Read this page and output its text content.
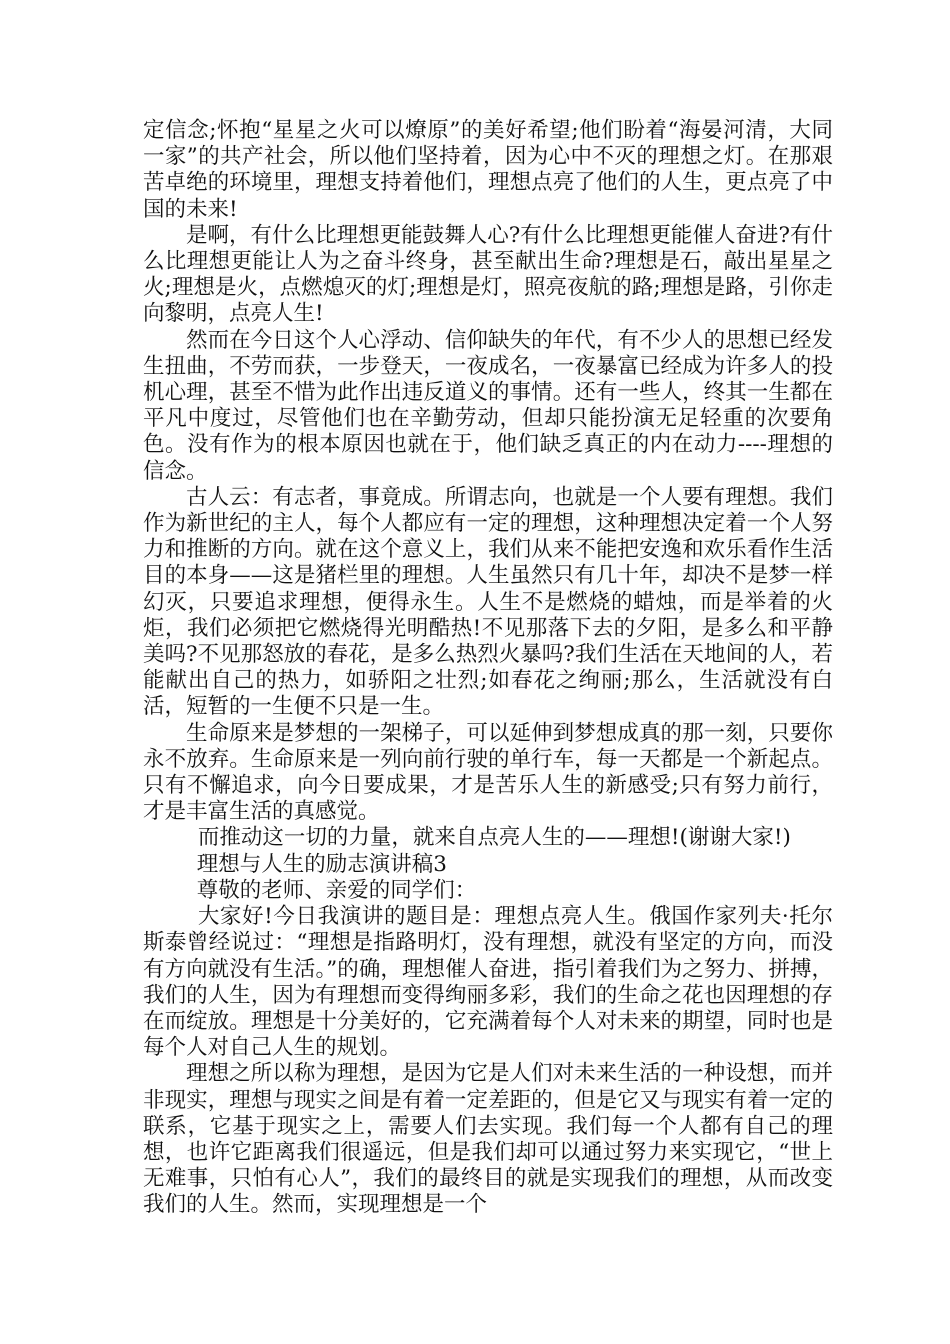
定信念;怀抱“星星之火可以燎原”的美好希望;他们盼着“海晏河清，大同一家”的共产社会，所以他们坚持着，因为心中不灭的理想之灯。在那艰苦卓绝的环境里，理想支持着他们，理想点亮了他们的人生，更点亮了中国的未来!

是啊，有什么比理想更能鼓舞人心?有什么比理想更能催人奋进?有什么比理想更能让人为之奋斗终身，甚至献出生命?理想是石，敲出星星之火;理想是火，点燃熄灭的灯;理想是灯，照亮夜航的路;理想是路，引你走向黎明，点亮人生!

然而在今日这个人心浮动、信仰缺失的年代，有不少人的思想已经发生扭曲，不劳而获，一步登天，一夜成名，一夜暴富已经成为许多人的投机心理，甚至不惜为此作出违反道义的事情。还有一些人，终其一生都在平凡中度过，尽管他们也在辛勤劳动，但却只能扮演无足轻重的次要角色。没有作为的根本原因也就在于，他们缺乏真正的内在动力----理想的信念。

古人云：有志者，事竟成。所谓志向，也就是一个人要有理想。我们作为新世纪的主人，每个人都应有一定的理想，这种理想决定着一个人努力和推断的方向。就在这个意义上，我们从来不能把安逸和欢乐看作生活目的本身——这是猪栏里的理想。人生虽然只有几十年，却决不是梦一样幻灭，只要追求理想，便得永生。人生不是燃烧的蜡烛，而是举着的火炬，我们必须把它燃烧得光明酷热!不见那落下去的夕阳，是多么和平静美吗?不见那怒放的春花，是多么热烈火暴吗?我们生活在天地间的人，若能献出自己的热力，如骄阳之壮烈;如春花之绚丽;那么，生活就没有白活，短暂的一生便不只是一生。

生命原来是梦想的一架梯子，可以延伸到梦想成真的那一刻，只要你永不放弃。生命原来是一列向前行驶的单行车，每一天都是一个新起点。只有不懈追求，向今日要成果，才是苦乐人生的新感受;只有努力前行，才是丰富生活的真感觉。

而推动这一切的力量，就来自点亮人生的——理想!(谢谢大家!)

理想与人生的励志演讲稿3

尊敬的老师、亲爱的同学们：

大家好!今日我演讲的题目是：理想点亮人生。俄国作家列夫·托尔斯泰曾经说过：“理想是指路明灯，没有理想，就没有坚定的方向，而没有方向就没有生活。”的确，理想催人奋进，指引着我们为之努力、拼搏，我们的人生，因为有理想而变得绚丽多彩，我们的生命之花也因理想的存在而绽放。理想是十分美好的，它充满着每个人对未来的期望，同时也是每个人对自己人生的规划。

理想之所以称为理想，是因为它是人们对未来生活的一种设想，而并非现实，理想与现实之间是有着一定差距的，但是它又与现实有着一定的联系，它基于现实之上，需要人们去实现。我们每一个人都有自己的理想，也许它距离我们很遥远，但是我们却可以通过努力来实现它，“世上无难事，只怕有心人”，我们的最终目的就是实现我们的理想，从而改变我们的人生。然而，实现理想是一个
